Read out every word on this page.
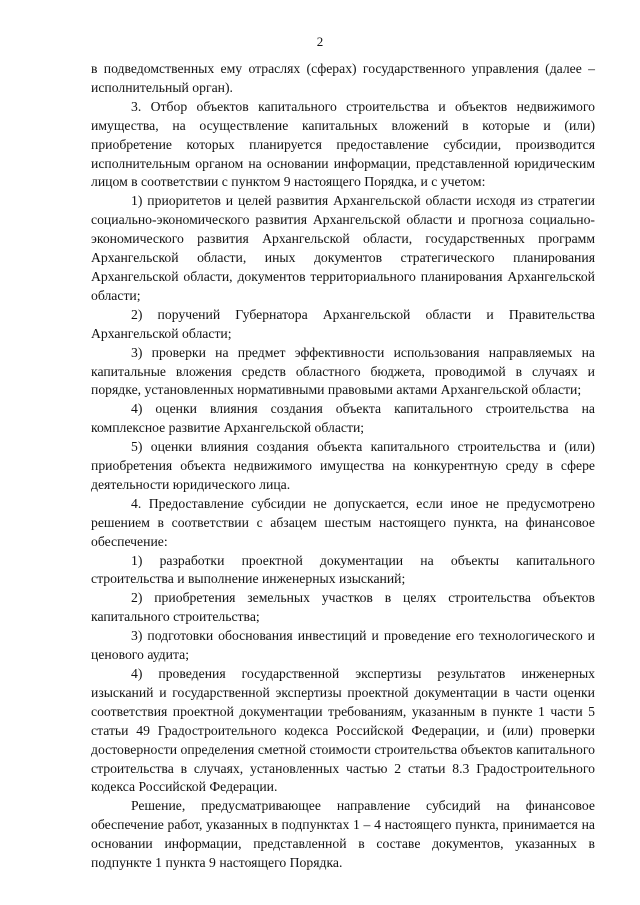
2

в подведомственных ему отраслях (сферах) государственного управления (далее – исполнительный орган).

3. Отбор объектов капитального строительства и объектов недвижимого имущества, на осуществление капитальных вложений в которые и (или) приобретение которых планируется предоставление субсидии, производится исполнительным органом на основании информации, представленной юридическим лицом в соответствии с пунктом 9 настоящего Порядка, и с учетом:

1) приоритетов и целей развития Архангельской области исходя из стратегии социально-экономического развития Архангельской области и прогноза социально-экономического развития Архангельской области, государственных программ Архангельской области, иных документов стратегического планирования Архангельской области, документов территориального планирования Архангельской области;

2) поручений Губернатора Архангельской области и Правительства Архангельской области;

3) проверки на предмет эффективности использования направляемых на капитальные вложения средств областного бюджета, проводимой в случаях и порядке, установленных нормативными правовыми актами Архангельской области;

4) оценки влияния создания объекта капитального строительства на комплексное развитие Архангельской области;

5) оценки влияния создания объекта капитального строительства и (или) приобретения объекта недвижимого имущества на конкурентную среду в сфере деятельности юридического лица.

4. Предоставление субсидии не допускается, если иное не предусмотрено решением в соответствии с абзацем шестым настоящего пункта, на финансовое обеспечение:

1) разработки проектной документации на объекты капитального строительства и выполнение инженерных изысканий;

2) приобретения земельных участков в целях строительства объектов капитального строительства;

3) подготовки обоснования инвестиций и проведение его технологического и ценового аудита;

4) проведения государственной экспертизы результатов инженерных изысканий и государственной экспертизы проектной документации в части оценки соответствия проектной документации требованиям, указанным в пункте 1 части 5 статьи 49 Градостроительного кодекса Российской Федерации, и (или) проверки достоверности определения сметной стоимости строительства объектов капитального строительства в случаях, установленных частью 2 статьи 8.3 Градостроительного кодекса Российской Федерации.

Решение, предусматривающее направление субсидий на финансовое обеспечение работ, указанных в подпунктах 1 – 4 настоящего пункта, принимается на основании информации, представленной в составе документов, указанных в подпункте 1 пункта 9 настоящего Порядка.
